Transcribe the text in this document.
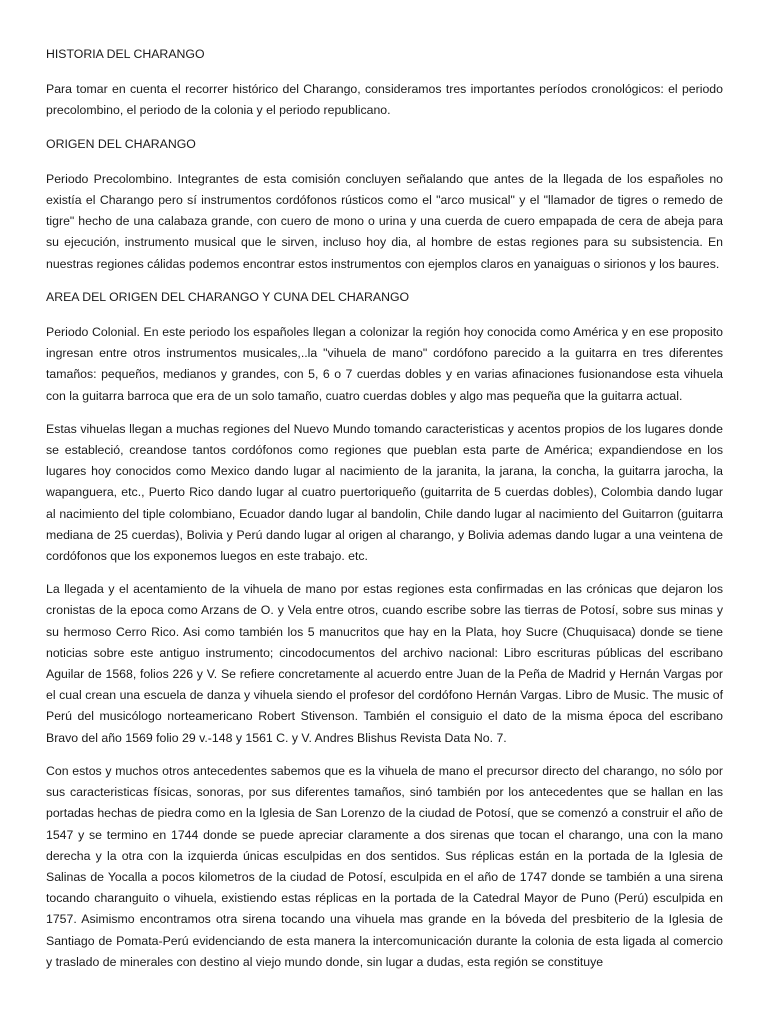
HISTORIA DEL CHARANGO

Para tomar en cuenta el recorrer histórico del Charango, consideramos tres importantes períodos cronológicos: el periodo precolombino, el periodo de la colonia y el periodo republicano.

ORIGEN DEL CHARANGO

Periodo Precolombino. Integrantes de esta comisión concluyen señalando que antes de la llegada de los españoles no existía el Charango pero sí instrumentos cordófonos rústicos como el "arco musical" y el "llamador de tigres o remedo de tigre" hecho de una calabaza grande, con cuero de mono o urina y una cuerda de cuero empapada de cera de abeja para su ejecución, instrumento musical que le sirven, incluso hoy dia, al hombre de estas regiones para su subsistencia. En nuestras regiones cálidas podemos encontrar estos instrumentos con ejemplos claros en yanaiguas o sirionos y los baures.

AREA DEL ORIGEN DEL CHARANGO Y CUNA DEL CHARANGO

Periodo Colonial. En este periodo los españoles llegan a colonizar la región hoy conocida como América y en ese proposito ingresan entre otros instrumentos musicales,..la "vihuela de mano" cordófono parecido a la guitarra en tres diferentes tamaños: pequeños, medianos y grandes, con 5, 6 o 7 cuerdas dobles y en varias afinaciones fusionandose esta vihuela con la guitarra barroca que era de un solo tamaño, cuatro cuerdas dobles y algo mas pequeña que la guitarra actual.

Estas vihuelas llegan a muchas regiones del Nuevo Mundo tomando caracteristicas y acentos propios de los lugares donde se estableció, creandose tantos cordófonos como regiones que pueblan esta parte de América; expandiendose en los lugares hoy conocidos como Mexico dando lugar al nacimiento de la jaranita, la jarana, la concha, la guitarra jarocha, la wapanguera, etc., Puerto Rico dando lugar al cuatro puertoriqueño (guitarrita de 5 cuerdas dobles), Colombia dando lugar al nacimiento del tiple colombiano, Ecuador dando lugar al bandolin, Chile dando lugar al nacimiento del Guitarron (guitarra mediana de 25 cuerdas), Bolivia y Perú dando lugar al origen al charango, y Bolivia ademas dando lugar a una veintena de cordófonos que los exponemos luegos en este trabajo. etc.

La llegada y el acentamiento de la vihuela de mano por estas regiones esta confirmadas en las crónicas que dejaron los cronistas de la epoca como Arzans de O. y Vela entre otros, cuando escribe sobre las tierras de Potosí, sobre sus minas y su hermoso Cerro Rico. Asi como también los 5 manucritos que hay en la Plata, hoy Sucre (Chuquisaca) donde se tiene noticias sobre este antiguo instrumento; cincodocumentos del archivo nacional: Libro escrituras públicas del escribano Aguilar de 1568, folios 226 y V. Se refiere concretamente al acuerdo entre Juan de la Peña de Madrid y Hernán Vargas por el cual crean una escuela de danza y vihuela siendo el profesor del cordófono Hernán Vargas. Libro de Music. The music of Perú del musicólogo norteamericano Robert Stivenson. También el consiguio el dato de la misma época del escribano Bravo del año 1569 folio 29 v.-148 y 1561 C. y V. Andres Blishus Revista Data No. 7.

Con estos y muchos otros antecedentes sabemos que es la vihuela de mano el precursor directo del charango, no sólo por sus caracteristicas físicas, sonoras, por sus diferentes tamaños, sinó también por los antecedentes que se hallan en las portadas hechas de piedra como en la Iglesia de San Lorenzo de la ciudad de Potosí, que se comenzó a construir el año de 1547 y se termino en 1744 donde se puede apreciar claramente a dos sirenas que tocan el charango, una con la mano derecha y la otra con la izquierda únicas esculpidas en dos sentidos. Sus réplicas están en la portada de la Iglesia de Salinas de Yocalla a pocos kilometros de la ciudad de Potosí, esculpida en el año de 1747 donde se también a una sirena tocando charanguito o vihuela, existiendo estas réplicas en la portada de la Catedral Mayor de Puno (Perú) esculpida en 1757. Asimismo encontramos otra sirena tocando una vihuela mas grande en la bóveda del presbiterio de la Iglesia de Santiago de Pomata-Perú evidenciando de esta manera la intercomunicación durante la colonia de esta ligada al comercio y traslado de minerales con destino al viejo mundo donde, sin lugar a dudas, esta región se constituye
